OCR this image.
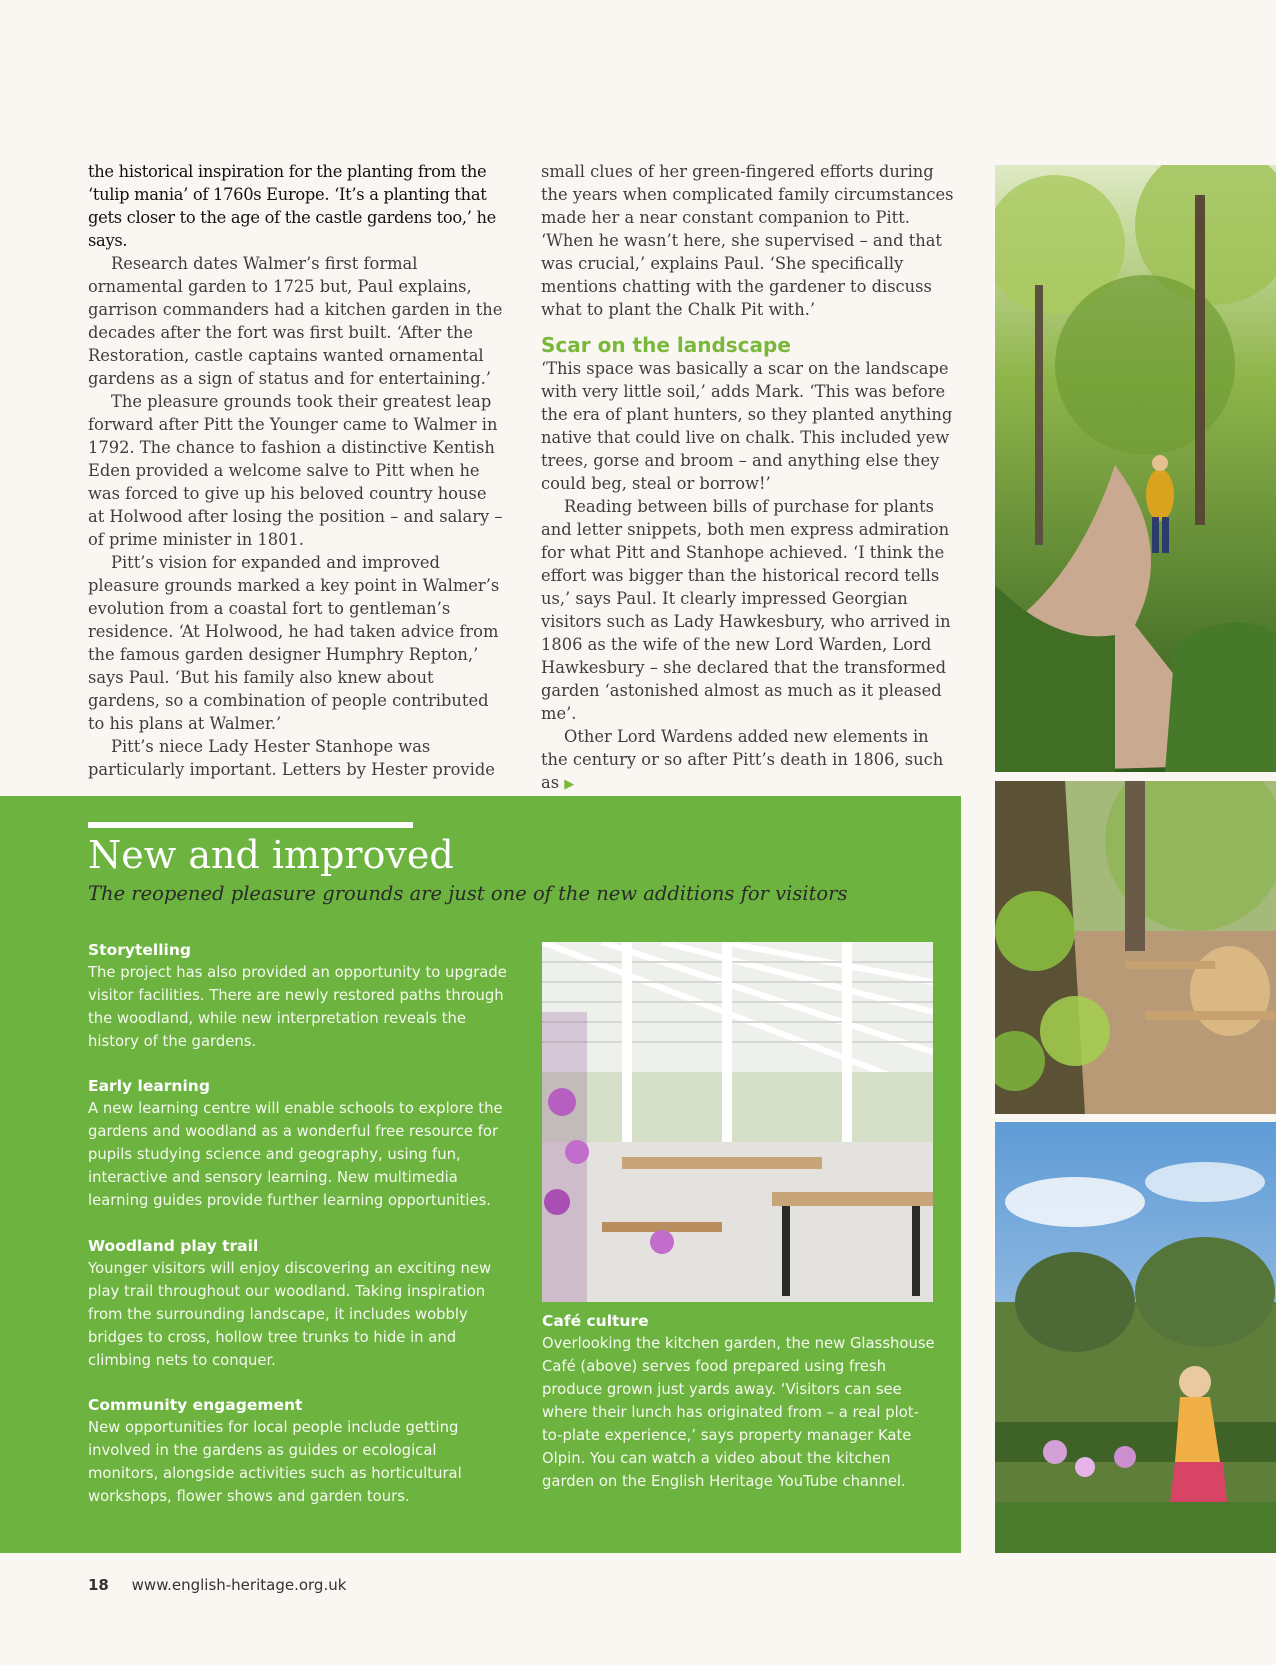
the historical inspiration for the planting from the ‘tulip mania’ of 1760s Europe. ‘It’s a planting that gets closer to the age of the castle gardens too,’ he says.

Research dates Walmer’s first formal ornamental garden to 1725 but, Paul explains, garrison commanders had a kitchen garden in the decades after the fort was first built. ‘After the Restoration, castle captains wanted ornamental gardens as a sign of status and for entertaining.’

The pleasure grounds took their greatest leap forward after Pitt the Younger came to Walmer in 1792. The chance to fashion a distinctive Kentish Eden provided a welcome salve to Pitt when he was forced to give up his beloved country house at Holwood after losing the position – and salary – of prime minister in 1801.

Pitt’s vision for expanded and improved pleasure grounds marked a key point in Walmer’s evolution from a coastal fort to gentleman’s residence. ‘At Holwood, he had taken advice from the famous garden designer Humphry Repton,’ says Paul. ‘But his family also knew about gardens, so a combination of people contributed to his plans at Walmer.’

Pitt’s niece Lady Hester Stanhope was particularly important. Letters by Hester provide

small clues of her green-fingered efforts during the years when complicated family circumstances made her a near constant companion to Pitt. ‘When he wasn’t here, she supervised – and that was crucial,’ explains Paul. ‘She specifically mentions chatting with the gardener to discuss what to plant the Chalk Pit with.’

Scar on the landscape

‘This space was basically a scar on the landscape with very little soil,’ adds Mark. ‘This was before the era of plant hunters, so they planted anything native that could live on chalk. This included yew trees, gorse and broom – and anything else they could beg, steal or borrow!’

Reading between bills of purchase for plants and letter snippets, both men express admiration for what Pitt and Stanhope achieved. ‘I think the effort was bigger than the historical record tells us,’ says Paul. It clearly impressed Georgian visitors such as Lady Hawkesbury, who arrived in 1806 as the wife of the new Lord Warden, Lord Hawkesbury – she declared that the transformed garden ‘astonished almost as much as it pleased me’.

Other Lord Wardens added new elements in the century or so after Pitt’s death in 1806, such as ▶

New and improved

The reopened pleasure grounds are just one of the new additions for visitors

Storytelling

The project has also provided an opportunity to upgrade visitor facilities. There are newly restored paths through the woodland, while new interpretation reveals the history of the gardens.

Early learning

A new learning centre will enable schools to explore the gardens and woodland as a wonderful free resource for pupils studying science and geography, using fun, interactive and sensory learning. New multimedia learning guides provide further learning opportunities.

Woodland play trail

Younger visitors will enjoy discovering an exciting new play trail throughout our woodland. Taking inspiration from the surrounding landscape, it includes wobbly bridges to cross, hollow tree trunks to hide in and climbing nets to conquer.

Community engagement

New opportunities for local people include getting involved in the gardens as guides or ecological monitors, alongside activities such as horticultural workshops, flower shows and garden tours.

Café culture

Overlooking the kitchen garden, the new Glasshouse Café (above) serves food prepared using fresh produce grown just yards away. ‘Visitors can see where their lunch has originated from – a real plot-to-plate experience,’ says property manager Kate Olpin. You can watch a video about the kitchen garden on the English Heritage YouTube channel.

18 www.english-heritage.org.uk
